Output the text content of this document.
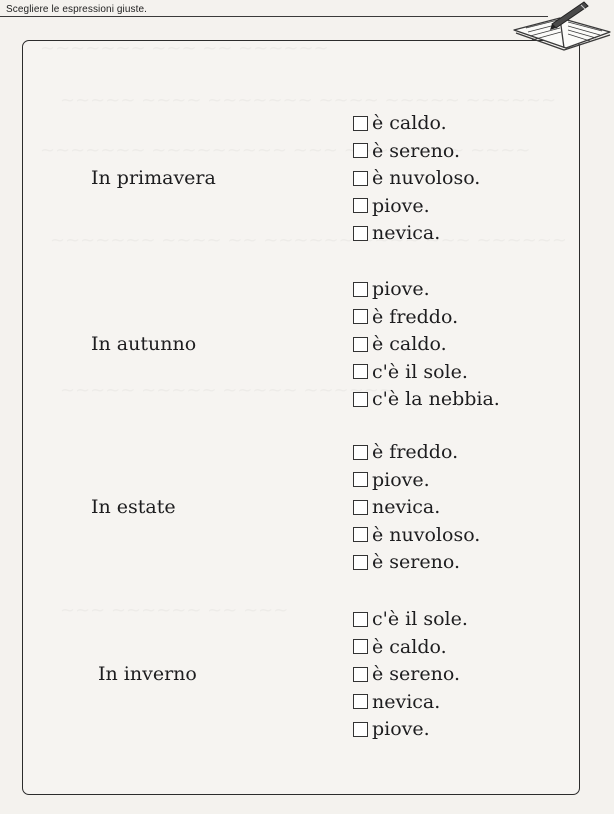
Scegliere le espressioni giuste.
In primavera
è caldo.
è sereno.
è nuvoloso.
piove.
nevica.
In autunno
piove.
è freddo.
è caldo.
c'è il sole.
c'è la nebbia.
In estate
è freddo.
piove.
nevica.
è nuvoloso.
è sereno.
In inverno
c'è il sole.
è caldo.
è sereno.
nevica.
piove.
